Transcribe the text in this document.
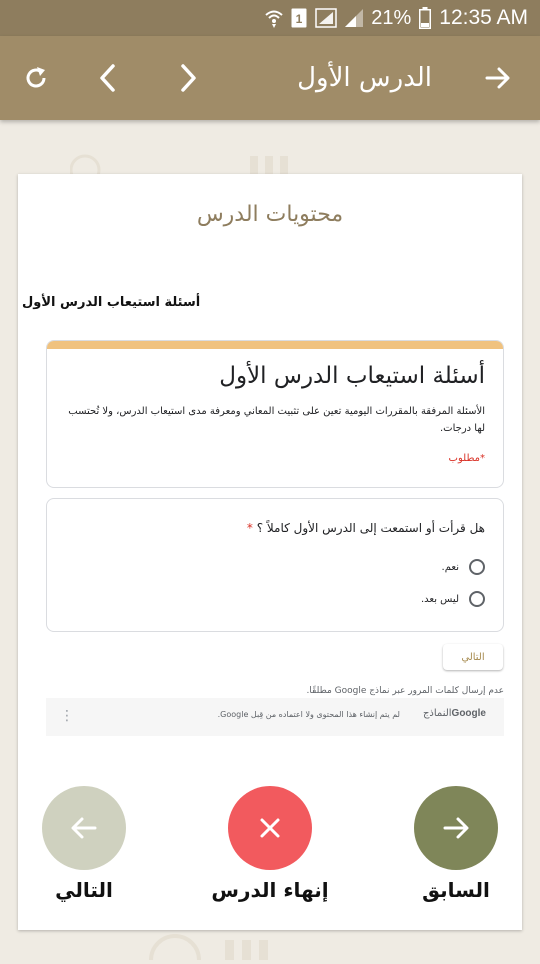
1	21% 12:35 AM
الدرس الأول
محتويات الدرس
أسئلة استيعاب الدرس الأول
أسئلة استيعاب الدرس الأول
الأسئلة المرفقة بالمقررات اليومية تعين على تثبيت المعاني ومعرفة مدى استيعاب الدرس، ولا تُحتسب لها درجات.
*مطلوب
هل قرأت أو استمعت إلى الدرس الأول كاملاً ؟ *
نعم.
ليس بعد.
التالي
عدم إرسال كلمات المرور عبر نماذج Google مطلقًا.
Googleالنماذج
لم يتم إنشاء هذا المحتوى ولا اعتماده من قِبل Google.
⋮
التالي	إنهاء الدرس	السابق
